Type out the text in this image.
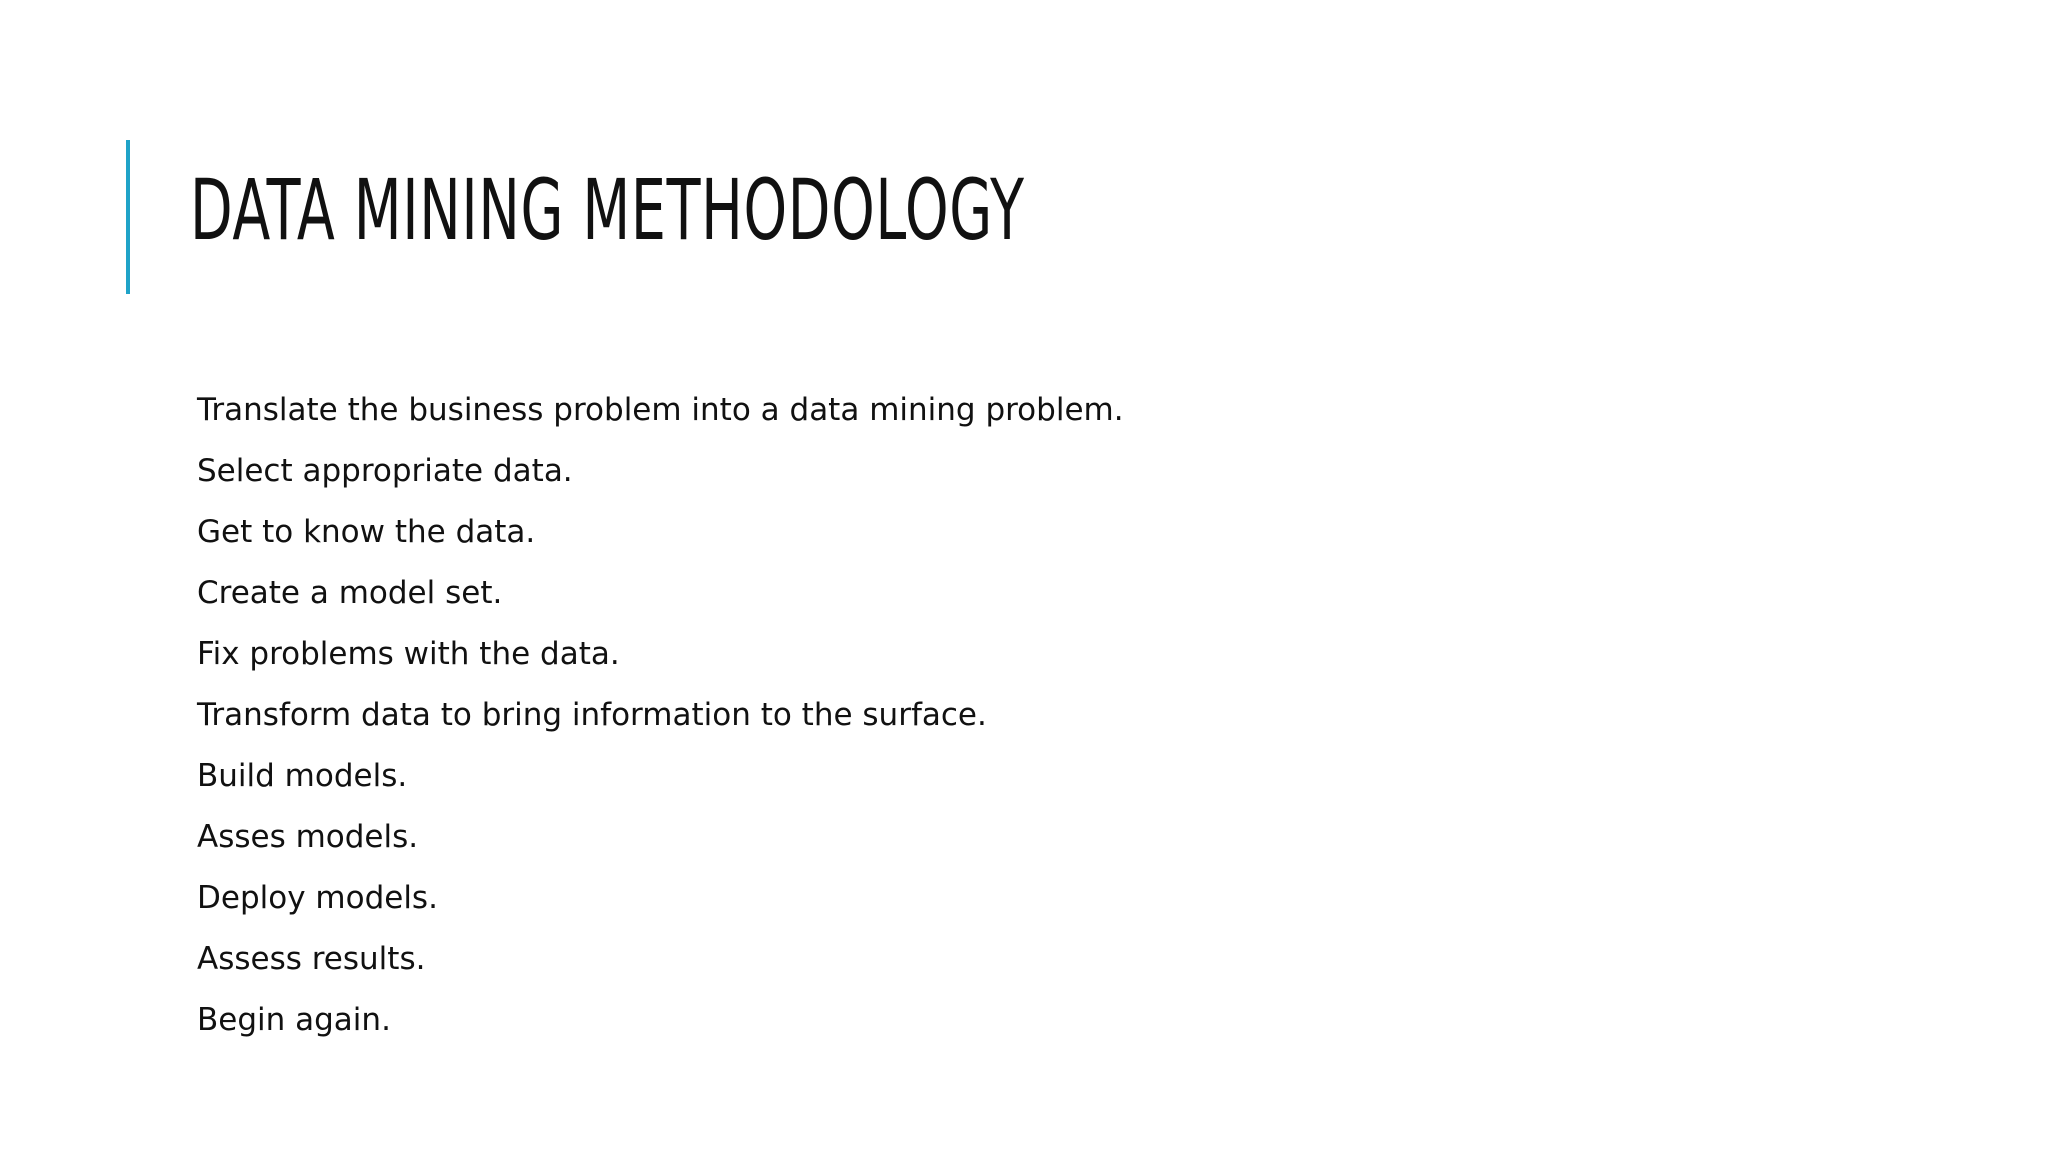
DATA MINING METHODOLOGY
Translate the business problem into a data mining problem.
Select appropriate data.
Get to know the data.
Create a model set.
Fix problems with the data.
Transform data to bring information to the surface.
Build models.
Asses models.
Deploy models.
Assess results.
Begin again.
